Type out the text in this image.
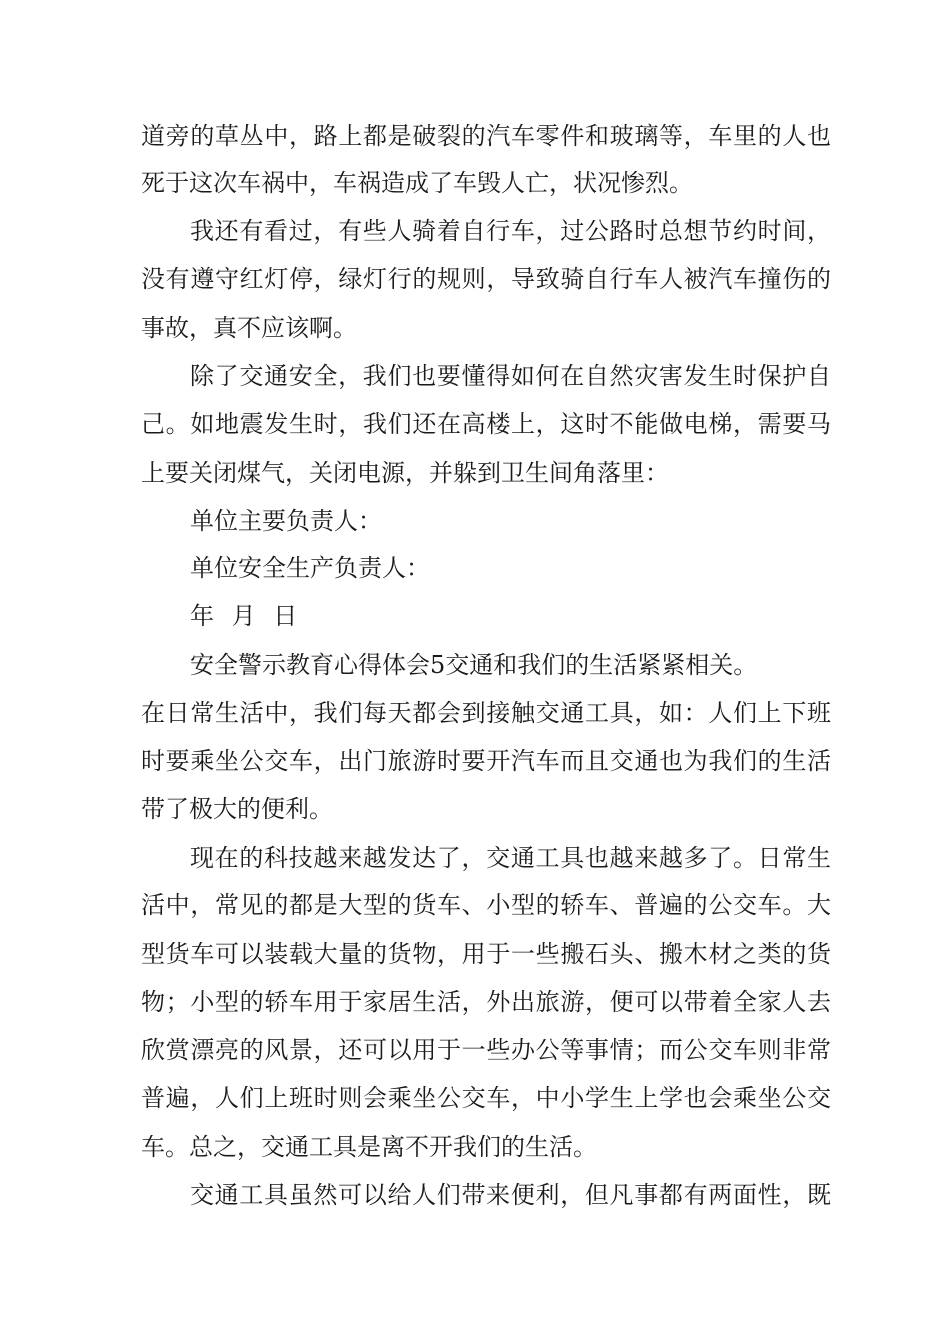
道旁的草丛中，路上都是破裂的汽车零件和玻璃等，车里的人也
死于这次车祸中，车祸造成了车毁人亡，状况惨烈。
我还有看过，有些人骑着自行车，过公路时总想节约时间，
没有遵守红灯停，绿灯行的规则，导致骑自行车人被汽车撞伤的
事故，真不应该啊。
除了交通安全，我们也要懂得如何在自然灾害发生时保护自
己。如地震发生时，我们还在高楼上，这时不能做电梯，需要马
上要关闭煤气，关闭电源，并躲到卫生间角落里：
单位主要负责人：
单位安全生产负责人：
年 月 日
安全警示教育心得体会5交通和我们的生活紧紧相关。
在日常生活中，我们每天都会到接触交通工具，如：人们上下班
时要乘坐公交车，出门旅游时要开汽车而且交通也为我们的生活
带了极大的便利。
现在的科技越来越发达了，交通工具也越来越多了。日常生
活中，常见的都是大型的货车、小型的轿车、普遍的公交车。大
型货车可以装载大量的货物，用于一些搬石头、搬木材之类的货
物；小型的轿车用于家居生活，外出旅游，便可以带着全家人去
欣赏漂亮的风景，还可以用于一些办公等事情；而公交车则非常
普遍，人们上班时则会乘坐公交车，中小学生上学也会乘坐公交
车。总之，交通工具是离不开我们的生活。
交通工具虽然可以给人们带来便利，但凡事都有两面性，既
